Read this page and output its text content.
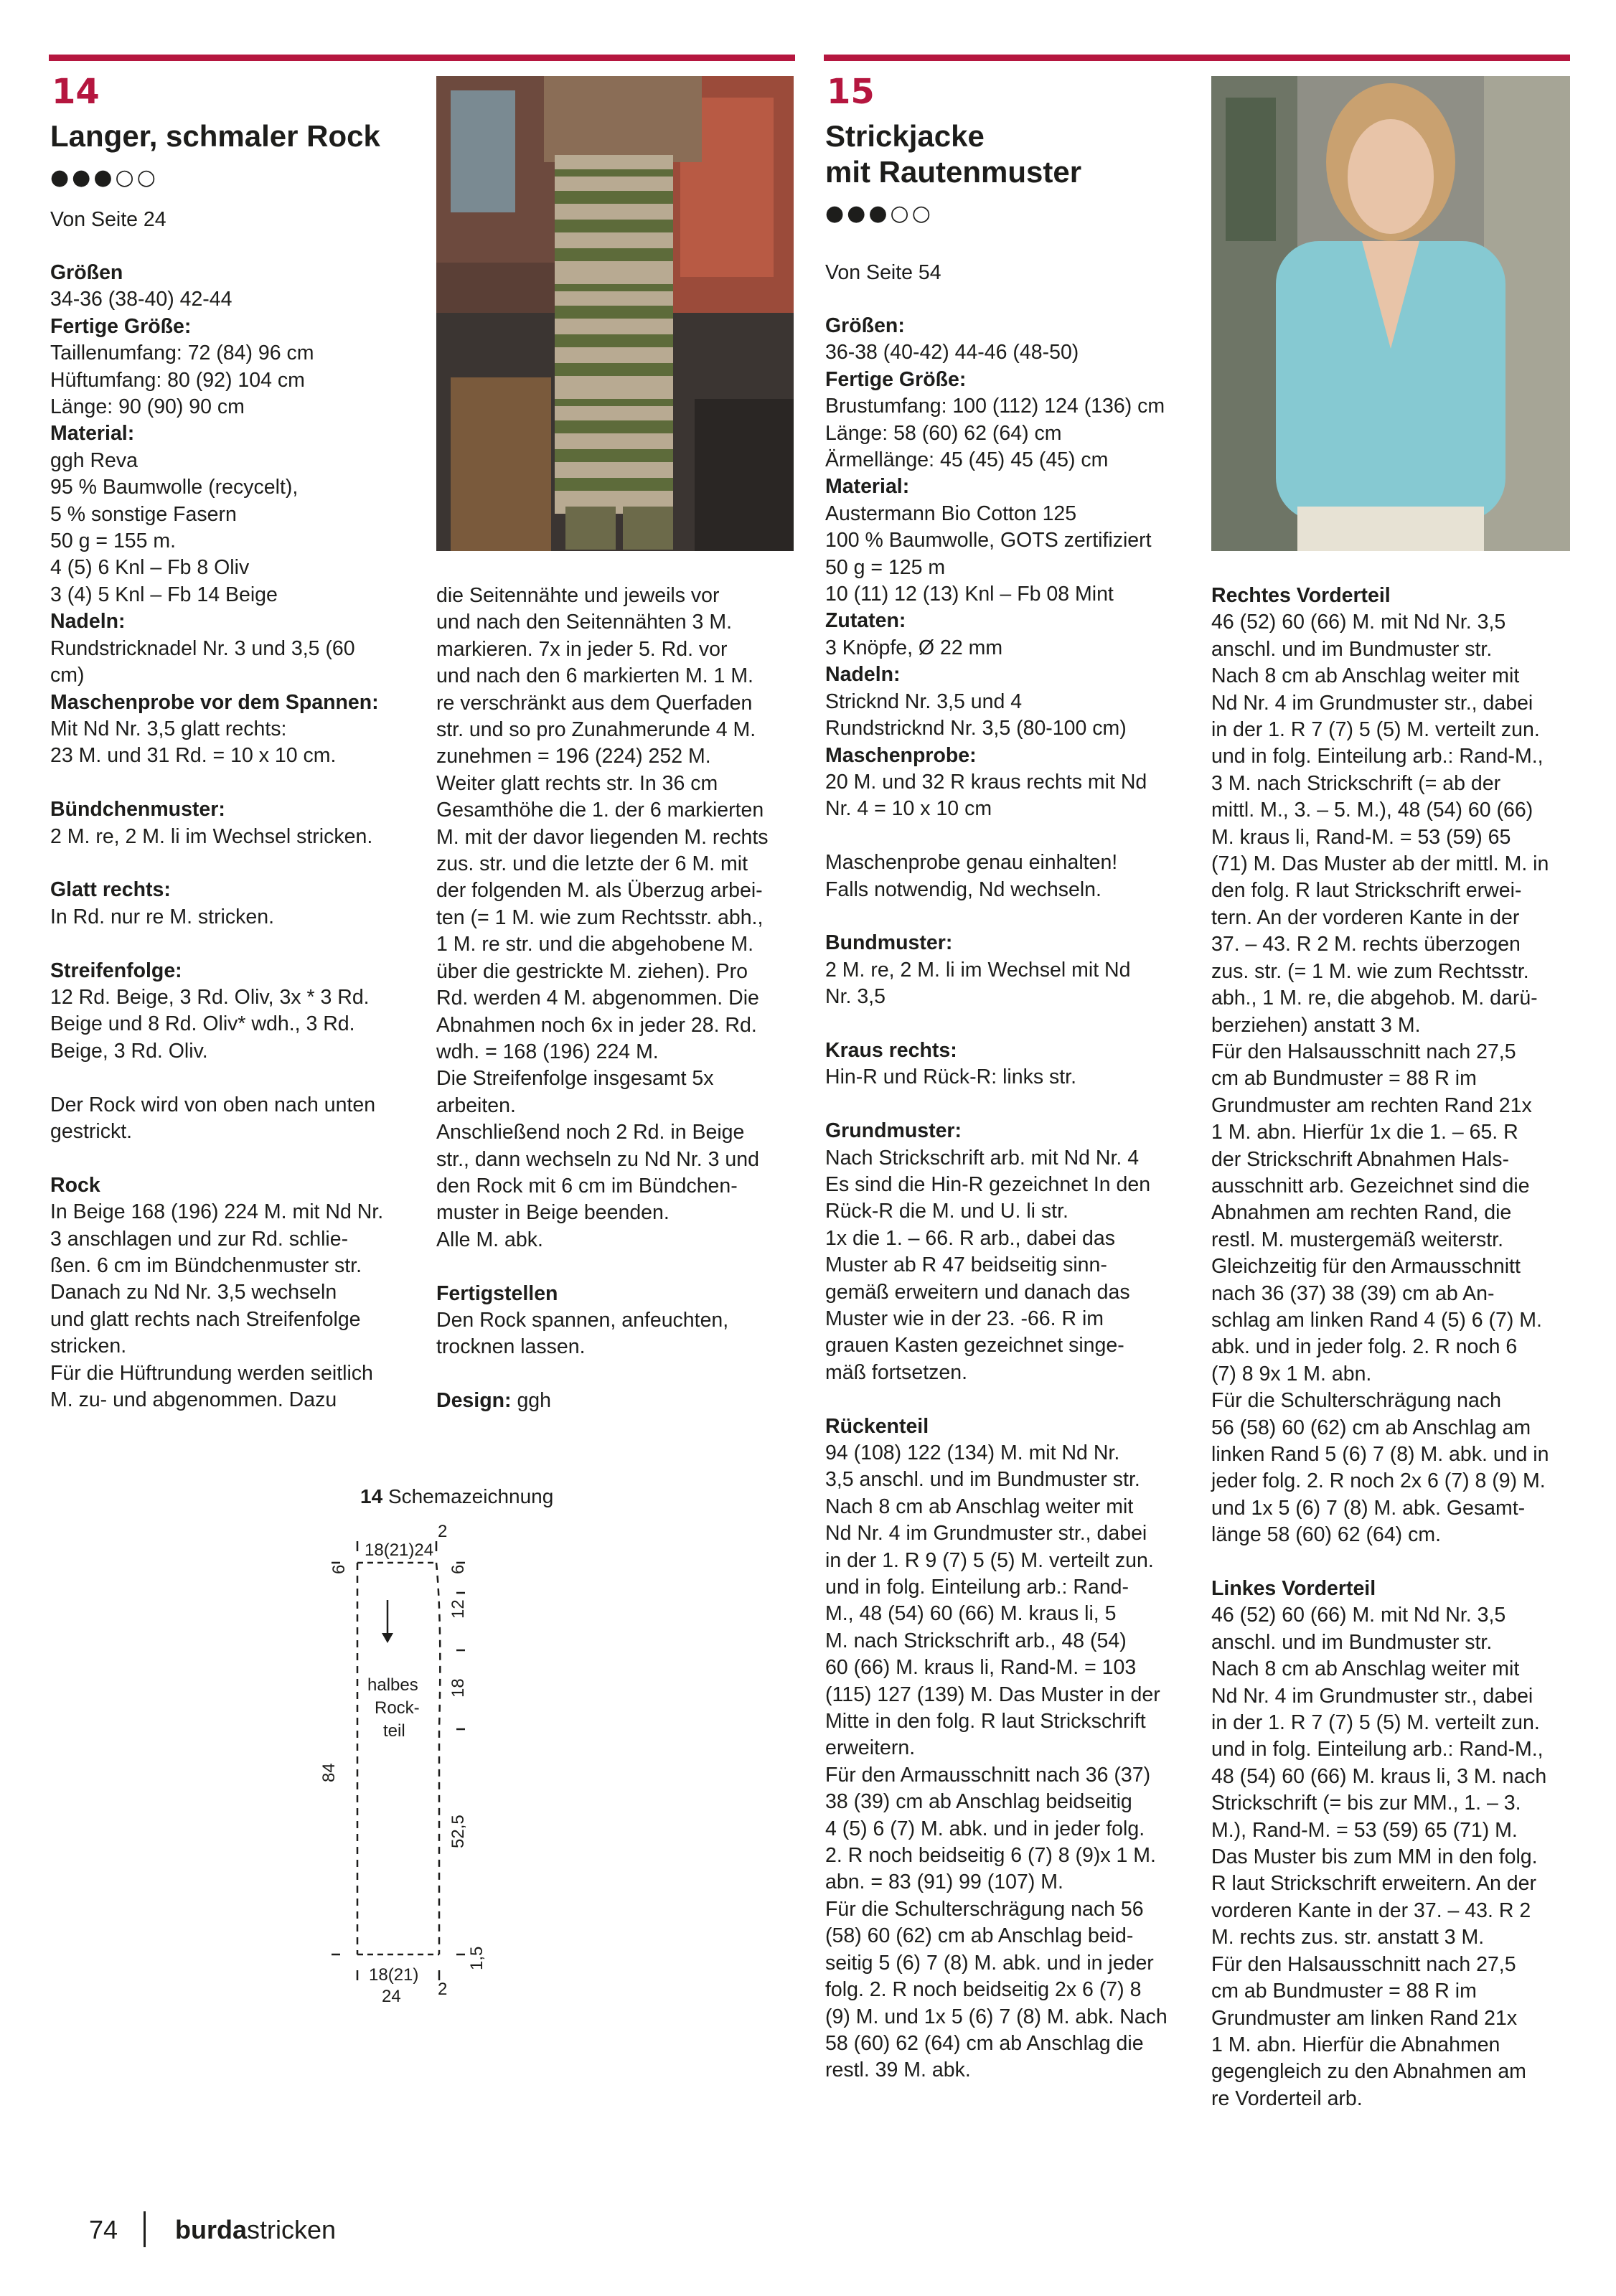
14
Langer, schmaler Rock
●●●○○
Von Seite 24

Größen

34-36 (38-40) 42-44

Fertige Größe:

Taillenumfang: 72 (84) 96 cm

Hüftumfang: 80 (92) 104 cm

Länge: 90 (90) 90 cm

Material:

ggh Reva

95 % Baumwolle (recycelt),

5 % sonstige Fasern

50 g = 155 m.

4 (5) 6 Knl – Fb 8 Oliv

3 (4) 5 Knl – Fb 14 Beige

Nadeln:

Rundstricknadel Nr. 3 und 3,5 (60

cm)

Maschenprobe vor dem Spannen:

Mit Nd Nr. 3,5 glatt rechts:

23 M. und 31 Rd. = 10 x 10 cm.

Bündchenmuster:

2 M. re, 2 M. li im Wechsel stricken.

Glatt rechts:

In Rd. nur re M. stricken.

Streifenfolge:

12 Rd. Beige, 3 Rd. Oliv, 3x * 3 Rd.

Beige und 8 Rd. Oliv* wdh., 3 Rd.

Beige, 3 Rd. Oliv.

Der Rock wird von oben nach unten

gestrickt.

Rock

In Beige 168 (196) 224 M. mit Nd Nr.

3 anschlagen und zur Rd. schlie-

ßen. 6 cm im Bündchenmuster str.

Danach zu Nd Nr. 3,5 wechseln

und glatt rechts nach Streifenfolge

stricken.

Für die Hüftrundung werden seitlich

M. zu- und abgenommen. Dazu

die Seitennähte und jeweils vor

und nach den Seitennähten 3 M.

markieren. 7x in jeder 5. Rd. vor

und nach den 6 markierten M. 1 M.

re verschränkt aus dem Querfaden

str. und so pro Zunahmerunde 4 M.

zunehmen = 196 (224) 252 M.

Weiter glatt rechts str. In 36 cm

Gesamthöhe die 1. der 6 markierten

M. mit der davor liegenden M. rechts

zus. str. und die letzte der 6 M. mit

der folgenden M. als Überzug arbei-

ten (= 1 M. wie zum Rechtsstr. abh.,

1 M. re str. und die abgehobene M.

über die gestrickte M. ziehen). Pro

Rd. werden 4 M. abgenommen. Die

Abnahmen noch 6x in jeder 28. Rd.

wdh. = 168 (196) 224 M.

Die Streifenfolge insgesamt 5x

arbeiten.

Anschließend noch 2 Rd. in Beige

str., dann wechseln zu Nd Nr. 3 und

den Rock mit 6 cm im Bündchen-

muster in Beige beenden.

Alle M. abk.

Fertigstellen

Den Rock spannen, anfeuchten,

trocknen lassen.

Design:

ggh
14 Schemazeichnung
18(21)24
2
6	6
12
18
84
52,5
1,5
18(21)
24 2
halbes
Rock-
teil
15
Strickjacke
mit Rautenmuster
●●●○○
Von Seite 54

Größen:

36-38 (40-42) 44-46 (48-50)

Fertige Größe:

Brustumfang: 100 (112) 124 (136) cm

Länge: 58 (60) 62 (64) cm

Ärmellänge: 45 (45) 45 (45) cm

Material:

Austermann Bio Cotton 125

100 % Baumwolle, GOTS zertifiziert

50 g = 125 m

10 (11) 12 (13) Knl – Fb 08 Mint

Zutaten:

3 Knöpfe, Ø 22 mm

Nadeln:

Stricknd Nr. 3,5 und 4

Rundstricknd Nr. 3,5 (80-100 cm)

Maschenprobe:

20 M. und 32 R kraus rechts mit Nd

Nr. 4 = 10 x 10 cm

Maschenprobe genau einhalten!

Falls notwendig, Nd wechseln.

Bundmuster:

2 M. re, 2 M. li im Wechsel mit Nd

Nr. 3,5

Kraus rechts:

Hin-R und Rück-R: links str.

Grundmuster:

Nach Strickschrift arb. mit Nd Nr. 4

Es sind die Hin-R gezeichnet In den

Rück-R die M. und U. li str.

1x die 1. – 66. R arb., dabei das

Muster ab R 47 beidseitig sinn-

gemäß erweitern und danach das

Muster wie in der 23. -66. R im

grauen Kasten gezeichnet singe-

mäß fortsetzen.

Rückenteil

94 (108) 122 (134) M. mit Nd Nr.

3,5 anschl. und im Bundmuster str.

Nach 8 cm ab Anschlag weiter mit

Nd Nr. 4 im Grundmuster str., dabei

in der 1. R 9 (7) 5 (5) M. verteilt zun.

und in folg. Einteilung arb.: Rand-

M., 48 (54) 60 (66) M. kraus li, 5

M. nach Strickschrift arb., 48 (54)

60 (66) M. kraus li, Rand-M. = 103

(115) 127 (139) M. Das Muster in der

Mitte in den folg. R laut Strickschrift

erweitern.

Für den Armausschnitt nach 36 (37)

38 (39) cm ab Anschlag beidseitig

4 (5) 6 (7) M. abk. und in jeder folg.

2. R noch beidseitig 6 (7) 8 (9)x 1 M.

abn. = 83 (91) 99 (107) M.

Für die Schulterschrägung nach 56

(58) 60 (62) cm ab Anschlag beid-

seitig 5 (6) 7 (8) M. abk. und in jeder

folg. 2. R noch beidseitig 2x 6 (7) 8

(9) M. und 1x 5 (6) 7 (8) M. abk. Nach

58 (60) 62 (64) cm ab Anschlag die

restl. 39 M. abk.

Rechtes Vorderteil

46 (52) 60 (66) M. mit Nd Nr. 3,5

anschl. und im Bundmuster str.

Nach 8 cm ab Anschlag weiter mit

Nd Nr. 4 im Grundmuster str., dabei

in der 1. R 7 (7) 5 (5) M. verteilt zun.

und in folg. Einteilung arb.: Rand-M.,

3 M. nach Strickschrift (= ab der

mittl. M., 3. – 5. M.), 48 (54) 60 (66)

M. kraus li, Rand-M. = 53 (59) 65

(71) M. Das Muster ab der mittl. M. in

den folg. R laut Strickschrift erwei-

tern. An der vorderen Kante in der

37. – 43. R 2 M. rechts überzogen

zus. str. (= 1 M. wie zum Rechtsstr.

abh., 1 M. re, die abgehob. M. darü-

berziehen) anstatt 3 M.

Für den Halsausschnitt nach 27,5

cm ab Bundmuster = 88 R im

Grundmuster am rechten Rand 21x

1 M. abn. Hierfür 1x die 1. – 65. R

der Strickschrift Abnahmen Hals-

ausschnitt arb. Gezeichnet sind die

Abnahmen am rechten Rand, die

restl. M. mustergemäß weiterstr.

Gleichzeitig für den Armausschnitt

nach 36 (37) 38 (39) cm ab An-

schlag am linken Rand 4 (5) 6 (7) M.

abk. und in jeder folg. 2. R noch 6

(7) 8 9x 1 M. abn.

Für die Schulterschrägung nach

56 (58) 60 (62) cm ab Anschlag am

linken Rand 5 (6) 7 (8) M. abk. und in

jeder folg. 2. R noch 2x 6 (7) 8 (9) M.

und 1x 5 (6) 7 (8) M. abk. Gesamt-

länge 58 (60) 62 (64) cm.

Linkes Vorderteil

46 (52) 60 (66) M. mit Nd Nr. 3,5

anschl. und im Bundmuster str.

Nach 8 cm ab Anschlag weiter mit

Nd Nr. 4 im Grundmuster str., dabei

in der 1. R 7 (7) 5 (5) M. verteilt zun.

und in folg. Einteilung arb.: Rand-M.,

48 (54) 60 (66) M. kraus li, 3 M. nach

Strickschrift (= bis zur MM., 1. – 3.

M.), Rand-M. = 53 (59) 65 (71) M.

Das Muster bis zum MM in den folg.

R laut Strickschrift erweitern. An der

vorderen Kante in der 37. – 43. R 2

M. rechts zus. str. anstatt 3 M.

Für den Halsausschnitt nach 27,5

cm ab Bundmuster = 88 R im

Grundmuster am linken Rand 21x

1 M. abn. Hierfür die Abnahmen

gegengleich zu den Abnahmen am

re Vorderteil arb.

74 burdastricken
